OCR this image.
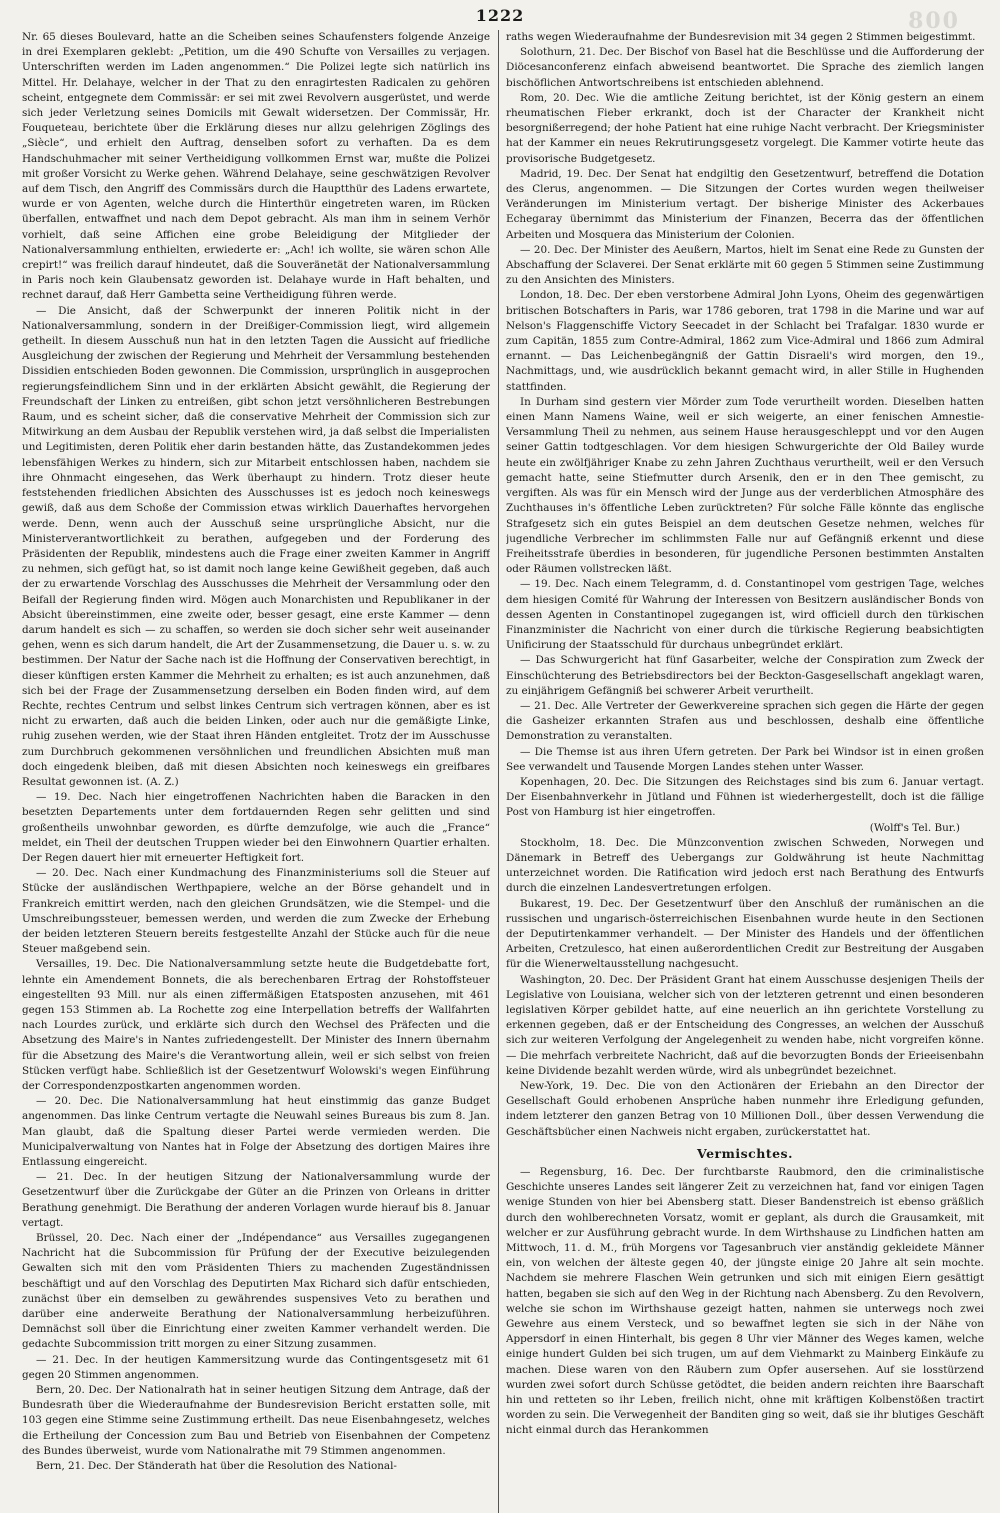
1222	800

Nr. 65 dieses Boulevard, hatte an die Scheiben seines Schaufensters folgende Anzeige in drei Exemplaren geklebt: „Petition, um die 490 Schufte von Versailles zu verjagen. Unterschriften werden im Laden angenommen.“ Die Polizei legte sich natürlich ins Mittel. Hr. Delahaye, welcher in der That zu den enragirtesten Radicalen zu gehören scheint, entgegnete dem Commissär: er sei mit zwei Revolvern ausgerüstet, und werde sich jeder Verletzung seines Domicils mit Gewalt widersetzen. Der Commissär, Hr. Fouqueteau, berichtete über die Erklärung dieses nur allzu gelehrigen Zöglings des „Siècle“, und erhielt den Auftrag, denselben sofort zu verhaften. Da es dem Handschuhmacher mit seiner Vertheidigung vollkommen Ernst war, mußte die Polizei mit großer Vorsicht zu Werke gehen. Während Delahaye, seine geschwätzigen Revolver auf dem Tisch, den Angriff des Commissärs durch die Hauptthür des Ladens erwartete, wurde er von Agenten, welche durch die Hinterthür eingetreten waren, im Rücken überfallen, entwaffnet und nach dem Depot gebracht. Als man ihm in seinem Verhör vorhielt, daß seine Affichen eine grobe Beleidigung der Mitglieder der Nationalversammlung enthielten, erwiederte er: „Ach! ich wollte, sie wären schon Alle crepirt!“ was freilich darauf hindeutet, daß die Souveränetät der Nationalversammlung in Paris noch kein Glaubensatz geworden ist. Delahaye wurde in Haft behalten, und rechnet darauf, daß Herr Gambetta seine Vertheidigung führen werde.

— Die Ansicht, daß der Schwerpunkt der inneren Politik nicht in der Nationalversammlung, sondern in der Dreißiger-Commission liegt, wird allgemein getheilt. In diesem Ausschuß nun hat in den letzten Tagen die Aussicht auf friedliche Ausgleichung der zwischen der Regierung und Mehrheit der Versammlung bestehenden Dissidien entschieden Boden gewonnen. Die Commission, ursprünglich in ausgeprochen regierungsfeindlichem Sinn und in der erklärten Absicht gewählt, die Regierung der Freundschaft der Linken zu entreißen, gibt schon jetzt versöhnlicheren Bestrebungen Raum, und es scheint sicher, daß die conservative Mehrheit der Commission sich zur Mitwirkung an dem Ausbau der Republik verstehen wird, ja daß selbst die Imperialisten und Legitimisten, deren Politik eher darin bestanden hätte, das Zustandekommen jedes lebensfähigen Werkes zu hindern, sich zur Mitarbeit entschlossen haben, nachdem sie ihre Ohnmacht eingesehen, das Werk überhaupt zu hindern. Trotz dieser heute feststehenden friedlichen Absichten des Ausschusses ist es jedoch noch keineswegs gewiß, daß aus dem Schoße der Commission etwas wirklich Dauerhaftes hervorgehen werde. Denn, wenn auch der Ausschuß seine ursprüngliche Absicht, nur die Ministerverantwortlichkeit zu berathen, aufgegeben und der Forderung des Präsidenten der Republik, mindestens auch die Frage einer zweiten Kammer in Angriff zu nehmen, sich gefügt hat, so ist damit noch lange keine Gewißheit gegeben, daß auch der zu erwartende Vorschlag des Ausschusses die Mehrheit der Versammlung oder den Beifall der Regierung finden wird. Mögen auch Monarchisten und Republikaner in der Absicht übereinstimmen, eine zweite oder, besser gesagt, eine erste Kammer — denn darum handelt es sich — zu schaffen, so werden sie doch sicher sehr weit auseinander gehen, wenn es sich darum handelt, die Art der Zusammensetzung, die Dauer u. s. w. zu bestimmen. Der Natur der Sache nach ist die Hoffnung der Conservativen berechtigt, in dieser künftigen ersten Kammer die Mehrheit zu erhalten; es ist auch anzunehmen, daß sich bei der Frage der Zusammensetzung derselben ein Boden finden wird, auf dem Rechte, rechtes Centrum und selbst linkes Centrum sich vertragen können, aber es ist nicht zu erwarten, daß auch die beiden Linken, oder auch nur die gemäßigte Linke, ruhig zusehen werden, wie der Staat ihren Händen entgleitet. Trotz der im Ausschusse zum Durchbruch gekommenen versöhnlichen und freundlichen Absichten muß man doch eingedenk bleiben, daß mit diesen Absichten noch keineswegs ein greifbares Resultat gewonnen ist. (A. Z.)

— 19. Dec. Nach hier eingetroffenen Nachrichten haben die Baracken in den besetzten Departements unter dem fortdauernden Regen sehr gelitten und sind großentheils unwohnbar geworden, es dürfte demzufolge, wie auch die „France“ meldet, ein Theil der deutschen Truppen wieder bei den Einwohnern Quartier erhalten. Der Regen dauert hier mit erneuerter Heftigkeit fort.

— 20. Dec. Nach einer Kundmachung des Finanzministeriums soll die Steuer auf Stücke der ausländischen Werthpapiere, welche an der Börse gehandelt und in Frankreich emittirt werden, nach den gleichen Grundsätzen, wie die Stempel- und die Umschreibungssteuer, bemessen werden, und werden die zum Zwecke der Erhebung der beiden letzteren Steuern bereits festgestellte Anzahl der Stücke auch für die neue Steuer maßgebend sein.

Versailles, 19. Dec. Die Nationalversammlung setzte heute die Budgetdebatte fort, lehnte ein Amendement Bonnets, die als berechenbaren Ertrag der Rohstoffsteuer eingestellten 93 Mill. nur als einen ziffermäßigen Etatsposten anzusehen, mit 461 gegen 153 Stimmen ab. La Rochette zog eine Interpellation betreffs der Wallfahrten nach Lourdes zurück, und erklärte sich durch den Wechsel des Präfecten und die Absetzung des Maire's in Nantes zufriedengestellt. Der Minister des Innern übernahm für die Absetzung des Maire's die Verantwortung allein, weil er sich selbst von freien Stücken verfügt habe. Schließlich ist der Gesetzentwurf Wolowski's wegen Einführung der Correspondenzpostkarten angenommen worden.

— 20. Dec. Die Nationalversammlung hat heut einstimmig das ganze Budget angenommen. Das linke Centrum vertagte die Neuwahl seines Bureaus bis zum 8. Jan. Man glaubt, daß die Spaltung dieser Partei werde vermieden werden. Die Municipalverwaltung von Nantes hat in Folge der Absetzung des dortigen Maires ihre Entlassung eingereicht.

— 21. Dec. In der heutigen Sitzung der Nationalversammlung wurde der Gesetzentwurf über die Zurückgabe der Güter an die Prinzen von Orleans in dritter Berathung genehmigt. Die Berathung der anderen Vorlagen wurde hierauf bis 8. Januar vertagt.

Brüssel, 20. Dec. Nach einer der „Indépendance“ aus Versailles zugegangenen Nachricht hat die Subcommission für Prüfung der der Executive beizulegenden Gewalten sich mit den vom Präsidenten Thiers zu machenden Zugeständnissen beschäftigt und auf den Vorschlag des Deputirten Max Richard sich dafür entschieden, zunächst über ein demselben zu gewährendes suspensives Veto zu berathen und darüber eine anderweite Berathung der Nationalversammlung herbeizuführen. Demnächst soll über die Einrichtung einer zweiten Kammer verhandelt werden. Die gedachte Subcommission tritt morgen zu einer Sitzung zusammen.

— 21. Dec. In der heutigen Kammersitzung wurde das Contingentsgesetz mit 61 gegen 20 Stimmen angenommen.

Bern, 20. Dec. Der Nationalrath hat in seiner heutigen Sitzung dem Antrage, daß der Bundesrath über die Wiederaufnahme der Bundesrevision Bericht erstatten solle, mit 103 gegen eine Stimme seine Zustimmung ertheilt. Das neue Eisenbahngesetz, welches die Ertheilung der Concession zum Bau und Betrieb von Eisenbahnen der Competenz des Bundes überweist, wurde vom Nationalrathe mit 79 Stimmen angenommen.

Bern, 21. Dec. Der Ständerath hat über die Resolution des National-

raths wegen Wiederaufnahme der Bundesrevision mit 34 gegen 2 Stimmen beigestimmt.

Solothurn, 21. Dec. Der Bischof von Basel hat die Beschlüsse und die Aufforderung der Diöcesanconferenz einfach abweisend beantwortet. Die Sprache des ziemlich langen bischöflichen Antwortschreibens ist entschieden ablehnend.

Rom, 20. Dec. Wie die amtliche Zeitung berichtet, ist der König gestern an einem rheumatischen Fieber erkrankt, doch ist der Character der Krankheit nicht besorgnißerregend; der hohe Patient hat eine ruhige Nacht verbracht. Der Kriegsminister hat der Kammer ein neues Rekrutirungsgesetz vorgelegt. Die Kammer votirte heute das provisorische Budgetgesetz.

Madrid, 19. Dec. Der Senat hat endgiltig den Gesetzentwurf, betreffend die Dotation des Clerus, angenommen. — Die Sitzungen der Cortes wurden wegen theilweiser Veränderungen im Ministerium vertagt. Der bisherige Minister des Ackerbaues Echegaray übernimmt das Ministerium der Finanzen, Becerra das der öffentlichen Arbeiten und Mosquera das Ministerium der Colonien.

— 20. Dec. Der Minister des Aeußern, Martos, hielt im Senat eine Rede zu Gunsten der Abschaffung der Sclaverei. Der Senat erklärte mit 60 gegen 5 Stimmen seine Zustimmung zu den Ansichten des Ministers.

London, 18. Dec. Der eben verstorbene Admiral John Lyons, Oheim des gegenwärtigen britischen Botschafters in Paris, war 1786 geboren, trat 1798 in die Marine und war auf Nelson's Flaggenschiffe Victory Seecadet in der Schlacht bei Trafalgar. 1830 wurde er zum Capitän, 1855 zum Contre-Admiral, 1862 zum Vice-Admiral und 1866 zum Admiral ernannt. — Das Leichenbegängniß der Gattin Disraeli's wird morgen, den 19., Nachmittags, und, wie ausdrücklich bekannt gemacht wird, in aller Stille in Hughenden stattfinden.

In Durham sind gestern vier Mörder zum Tode verurtheilt worden. Dieselben hatten einen Mann Namens Waine, weil er sich weigerte, an einer fenischen Amnestie-Versammlung Theil zu nehmen, aus seinem Hause herausgeschleppt und vor den Augen seiner Gattin todtgeschlagen. Vor dem hiesigen Schwurgerichte der Old Bailey wurde heute ein zwölfjähriger Knabe zu zehn Jahren Zuchthaus verurtheilt, weil er den Versuch gemacht hatte, seine Stiefmutter durch Arsenik, den er in den Thee gemischt, zu vergiften. Als was für ein Mensch wird der Junge aus der verderblichen Atmosphäre des Zuchthauses in's öffentliche Leben zurücktreten? Für solche Fälle könnte das englische Strafgesetz sich ein gutes Beispiel an dem deutschen Gesetze nehmen, welches für jugendliche Verbrecher im schlimmsten Falle nur auf Gefängniß erkennt und diese Freiheitsstrafe überdies in besonderen, für jugendliche Personen bestimmten Anstalten oder Räumen vollstrecken läßt.

— 19. Dec. Nach einem Telegramm, d. d. Constantinopel vom gestrigen Tage, welches dem hiesigen Comité für Wahrung der Interessen von Besitzern ausländischer Bonds von dessen Agenten in Constantinopel zugegangen ist, wird officiell durch den türkischen Finanzminister die Nachricht von einer durch die türkische Regierung beabsichtigten Unificirung der Staatsschuld für durchaus unbegründet erklärt.

— Das Schwurgericht hat fünf Gasarbeiter, welche der Conspiration zum Zweck der Einschüchterung des Betriebsdirectors bei der Beckton-Gasgesellschaft angeklagt waren, zu einjährigem Gefängniß bei schwerer Arbeit verurtheilt.

— 21. Dec. Alle Vertreter der Gewerkvereine sprachen sich gegen die Härte der gegen die Gasheizer erkannten Strafen aus und beschlossen, deshalb eine öffentliche Demonstration zu veranstalten.

— Die Themse ist aus ihren Ufern getreten. Der Park bei Windsor ist in einen großen See verwandelt und Tausende Morgen Landes stehen unter Wasser.

Kopenhagen, 20. Dec. Die Sitzungen des Reichstages sind bis zum 6. Januar vertagt. Der Eisenbahnverkehr in Jütland und Fühnen ist wiederhergestellt, doch ist die fällige Post von Hamburg ist hier eingetroffen.

(Wolff's Tel. Bur.)

Stockholm, 18. Dec. Die Münzconvention zwischen Schweden, Norwegen und Dänemark in Betreff des Uebergangs zur Goldwährung ist heute Nachmittag unterzeichnet worden. Die Ratification wird jedoch erst nach Berathung des Entwurfs durch die einzelnen Landesvertretungen erfolgen.

Bukarest, 19. Dec. Der Gesetzentwurf über den Anschluß der rumänischen an die russischen und ungarisch-österreichischen Eisenbahnen wurde heute in den Sectionen der Deputirtenkammer verhandelt. — Der Minister des Handels und der öffentlichen Arbeiten, Cretzulesco, hat einen außerordentlichen Credit zur Bestreitung der Ausgaben für die Wienerweltausstellung nachgesucht.

Washington, 20. Dec. Der Präsident Grant hat einem Ausschusse desjenigen Theils der Legislative von Louisiana, welcher sich von der letzteren getrennt und einen besonderen legislativen Körper gebildet hatte, auf eine neuerlich an ihn gerichtete Vorstellung zu erkennen gegeben, daß er der Entscheidung des Congresses, an welchen der Ausschuß sich zur weiteren Verfolgung der Angelegenheit zu wenden habe, nicht vorgreifen könne. — Die mehrfach verbreitete Nachricht, daß auf die bevorzugten Bonds der Erieeisenbahn keine Dividende bezahlt werden würde, wird als unbegründet bezeichnet.

New-York, 19. Dec. Die von den Actionären der Eriebahn an den Director der Gesellschaft Gould erhobenen Ansprüche haben nunmehr ihre Erledigung gefunden, indem letzterer den ganzen Betrag von 10 Millionen Doll., über dessen Verwendung die Geschäftsbücher einen Nachweis nicht ergaben, zurückerstattet hat.

Vermischtes.

— Regensburg, 16. Dec. Der furchtbarste Raubmord, den die criminalistische Geschichte unseres Landes seit längerer Zeit zu verzeichnen hat, fand vor einigen Tagen wenige Stunden von hier bei Abensberg statt. Dieser Bandenstreich ist ebenso gräßlich durch den wohlberechneten Vorsatz, womit er geplant, als durch die Grausamkeit, mit welcher er zur Ausführung gebracht wurde. In dem Wirthshause zu Lindfichen hatten am Mittwoch, 11. d. M., früh Morgens vor Tagesanbruch vier anständig gekleidete Männer ein, von welchen der älteste gegen 40, der jüngste einige 20 Jahre alt sein mochte. Nachdem sie mehrere Flaschen Wein getrunken und sich mit einigen Eiern gesättigt hatten, begaben sie sich auf den Weg in der Richtung nach Abensberg. Zu den Revolvern, welche sie schon im Wirthshause gezeigt hatten, nahmen sie unterwegs noch zwei Gewehre aus einem Versteck, und so bewaffnet legten sie sich in der Nähe von Appersdorf in einen Hinterhalt, bis gegen 8 Uhr vier Männer des Weges kamen, welche einige hundert Gulden bei sich trugen, um auf dem Viehmarkt zu Mainberg Einkäufe zu machen. Diese waren von den Räubern zum Opfer ausersehen. Auf sie losstürzend wurden zwei sofort durch Schüsse getödtet, die beiden andern reichten ihre Baarschaft hin und retteten so ihr Leben, freilich nicht, ohne mit kräftigen Kolbenstößen tractirt worden zu sein. Die Verwegenheit der Banditen ging so weit, daß sie ihr blutiges Geschäft nicht einmal durch das Herankommen
